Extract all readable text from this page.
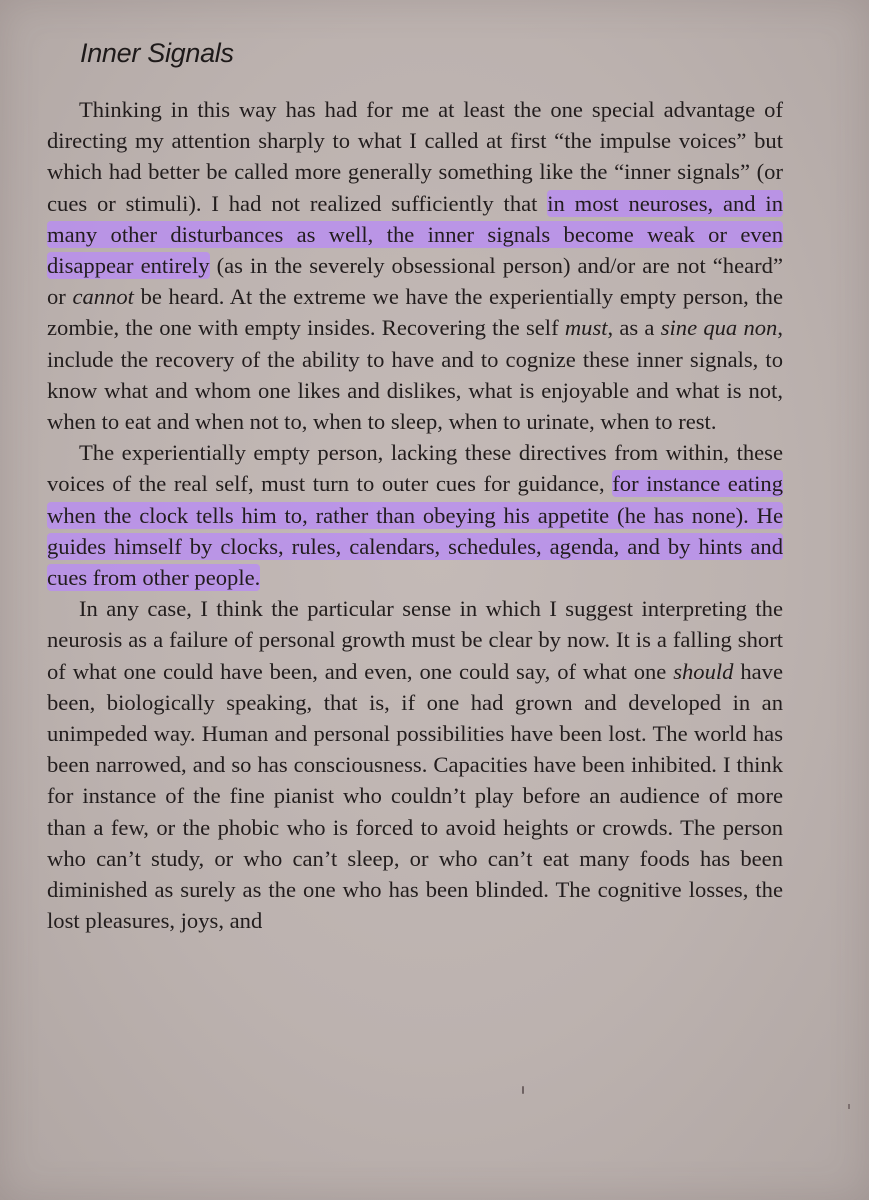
Inner Signals

Thinking in this way has had for me at least the one special advantage of directing my attention sharply to what I called at first “the impulse voices” but which had better be called more generally something like the “inner signals” (or cues or stimuli). I had not realized sufficiently that in most neuroses, and in many other disturbances as well, the inner signals become weak or even disappear entirely (as in the severely obsessional person) and/or are not “heard” or cannot be heard. At the extreme we have the experientially empty person, the zombie, the one with empty insides. Recovering the self must, as a sine qua non, include the recovery of the ability to have and to cognize these inner signals, to know what and whom one likes and dislikes, what is enjoyable and what is not, when to eat and when not to, when to sleep, when to urinate, when to rest.

The experientially empty person, lacking these directives from within, these voices of the real self, must turn to outer cues for guidance, for instance eating when the clock tells him to, rather than obeying his appetite (he has none). He guides himself by clocks, rules, calendars, schedules, agenda, and by hints and cues from other people.

In any case, I think the particular sense in which I suggest interpreting the neurosis as a failure of personal growth must be clear by now. It is a falling short of what one could have been, and even, one could say, of what one should have been, biologically speaking, that is, if one had grown and developed in an unimpeded way. Human and personal possibilities have been lost. The world has been narrowed, and so has consciousness. Capacities have been inhibited. I think for instance of the fine pianist who couldn’t play before an audience of more than a few, or the phobic who is forced to avoid heights or crowds. The person who can’t study, or who can’t sleep, or who can’t eat many foods has been diminished as surely as the one who has been blinded. The cognitive losses, the lost pleasures, joys, and
